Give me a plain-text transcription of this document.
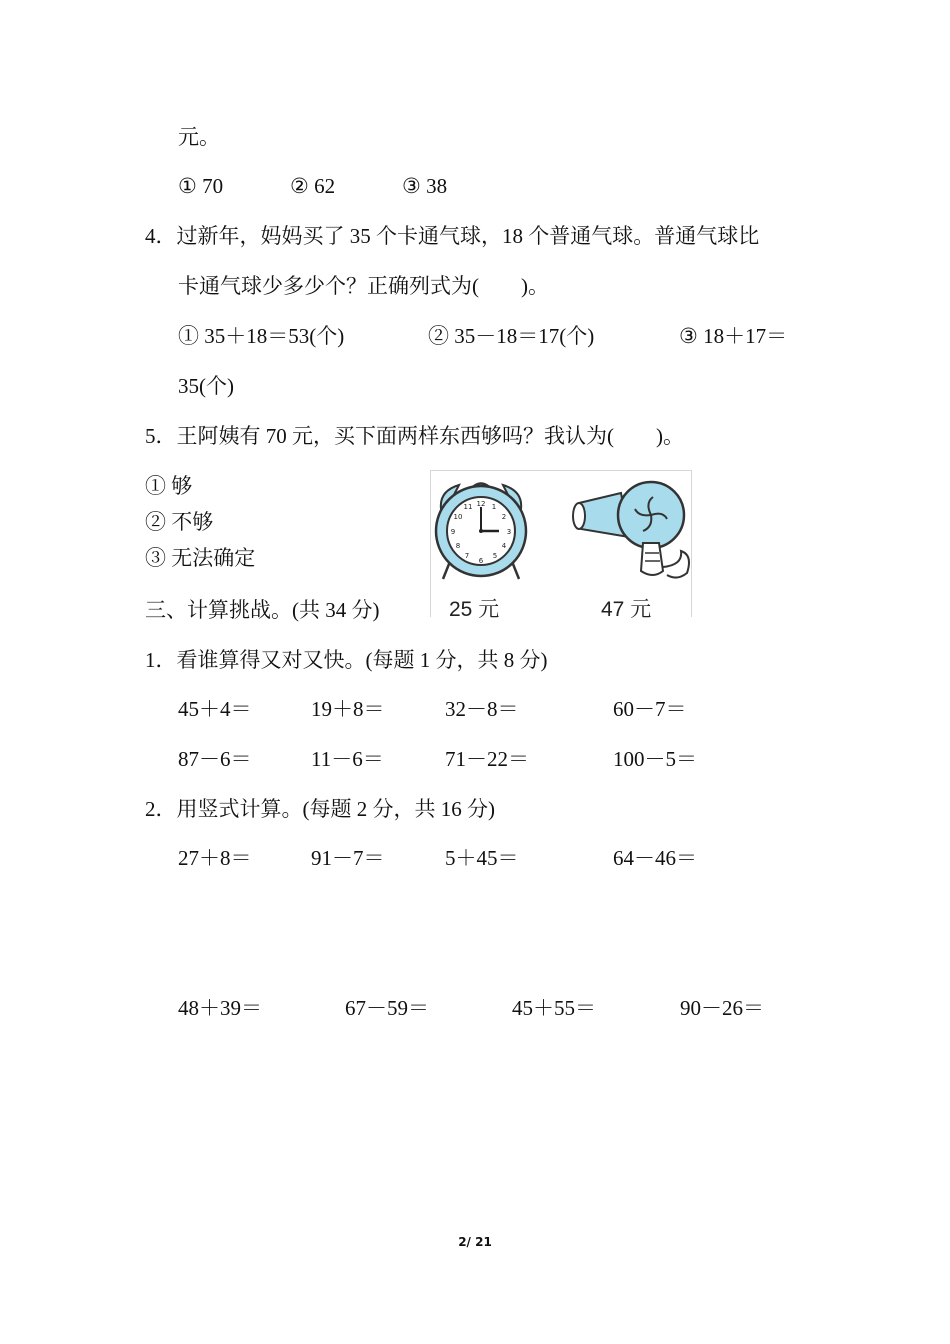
元。
① 70	② 62	③ 38
4．过新年，妈妈买了 35 个卡通气球，18 个普通气球。普通气球比
卡通气球少多少个？正确列式为(　　)。
① 35＋18＝53(个)	② 35－18＝17(个)	③ 18＋17＝
35(个)
5．王阿姨有 70 元，买下面两样东西够吗？我认为(　　)。
① 够
② 不够
③ 无法确定
12 1
2
3
4
5
6
7
8
9
10
11
25 元	47 元
三、计算挑战。(共 34 分)
1．看谁算得又对又快。(每题 1 分，共 8 分)
45＋4＝	19＋8＝	32－8＝	60－7＝
87－6＝	11－6＝	71－22＝	100－5＝
2．用竖式计算。(每题 2 分，共 16 分)
27＋8＝	91－7＝	5＋45＝	64－46＝
48＋39＝	67－59＝	45＋55＝	90－26＝
2/ 21
